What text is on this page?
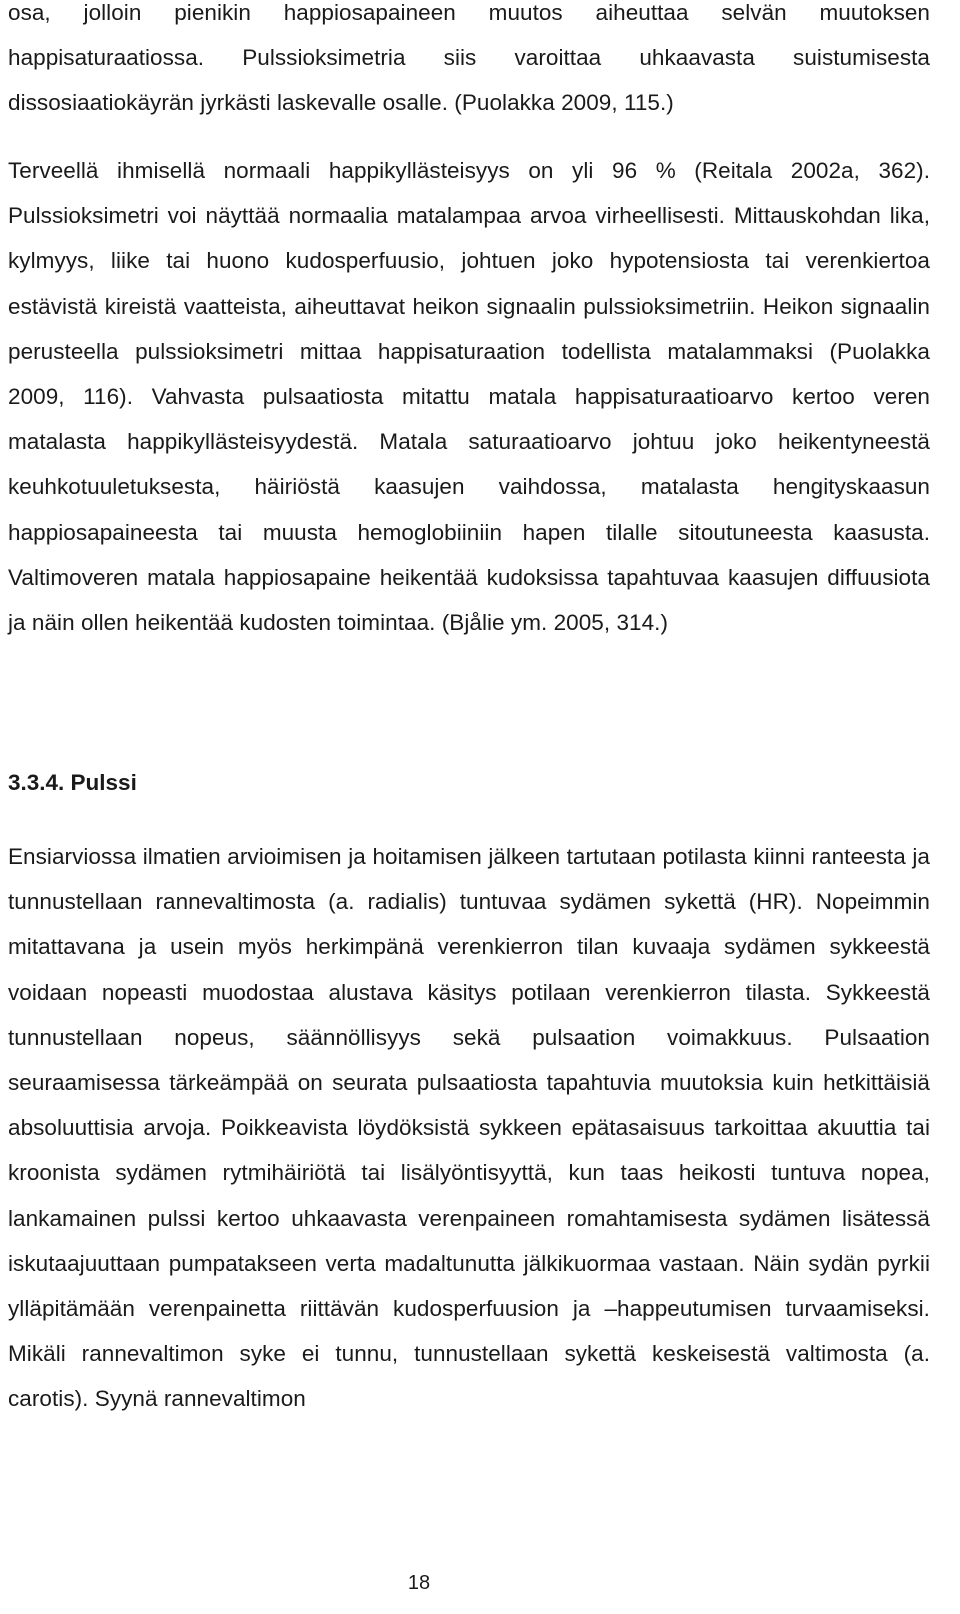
osa, jolloin pienikin happiosapaineen muutos aiheuttaa selvän muutoksen happisaturaatiossa. Pulssioksimetria siis varoittaa uhkaavasta suistumisesta dissosiaatiokäyrän jyrkästi laskevalle osalle. (Puolakka 2009, 115.)

Terveellä ihmisellä normaali happikyllästeisyys on yli 96 % (Reitala 2002a, 362). Pulssioksimetri voi näyttää normaalia matalampaa arvoa virheellisesti. Mittauskohdan lika, kylmyys, liike tai huono kudosperfuusio, johtuen joko hypotensiosta tai verenkiertoa estävistä kireistä vaatteista, aiheuttavat heikon signaalin pulssioksimetriin. Heikon signaalin perusteella pulssioksimetri mittaa happisaturaation todellista matalammaksi (Puolakka 2009, 116). Vahvasta pulsaatiosta mitattu matala happisaturaatioarvo kertoo veren matalasta happikyllästeisyydestä. Matala saturaatioarvo johtuu joko heikentyneestä keuhkotuuletuksesta, häiriöstä kaasujen vaihdossa, matalasta hengityskaasun happiosapaineesta tai muusta hemoglobiiniin hapen tilalle sitoutuneesta kaasusta. Valtimoveren matala happiosapaine heikentää kudoksissa tapahtuvaa kaasujen diffuusiota ja näin ollen heikentää kudosten toimintaa. (Bjålie ym. 2005, 314.)

3.3.4. Pulssi

Ensiarviossa ilmatien arvioimisen ja hoitamisen jälkeen tartutaan potilasta kiinni ranteesta ja tunnustellaan rannevaltimosta (a. radialis) tuntuvaa sydämen sykettä (HR). Nopeimmin mitattavana ja usein myös herkimpänä verenkierron tilan kuvaaja sydämen sykkeestä voidaan nopeasti muodostaa alustava käsitys potilaan verenkierron tilasta. Sykkeestä tunnustellaan nopeus, säännöllisyys sekä pulsaation voimakkuus. Pulsaation seuraamisessa tärkeämpää on seurata pulsaatiosta tapahtuvia muutoksia kuin hetkittäisiä absoluuttisia arvoja. Poikkeavista löydöksistä sykkeen epätasaisuus tarkoittaa akuuttia tai kroonista sydämen rytmihäiriötä tai lisälyöntisyyttä, kun taas heikosti tuntuva nopea, lankamainen pulssi kertoo uhkaavasta verenpaineen romahtamisesta sydämen lisätessä iskutaajuuttaan pumpatakseen verta madaltunutta jälkikuormaa vastaan. Näin sydän pyrkii ylläpitämään verenpainetta riittävän kudosperfuusion ja –happeutumisen turvaamiseksi. Mikäli rannevaltimon syke ei tunnu, tunnustellaan sykettä keskeisestä valtimosta (a. carotis). Syynä rannevaltimon

18
